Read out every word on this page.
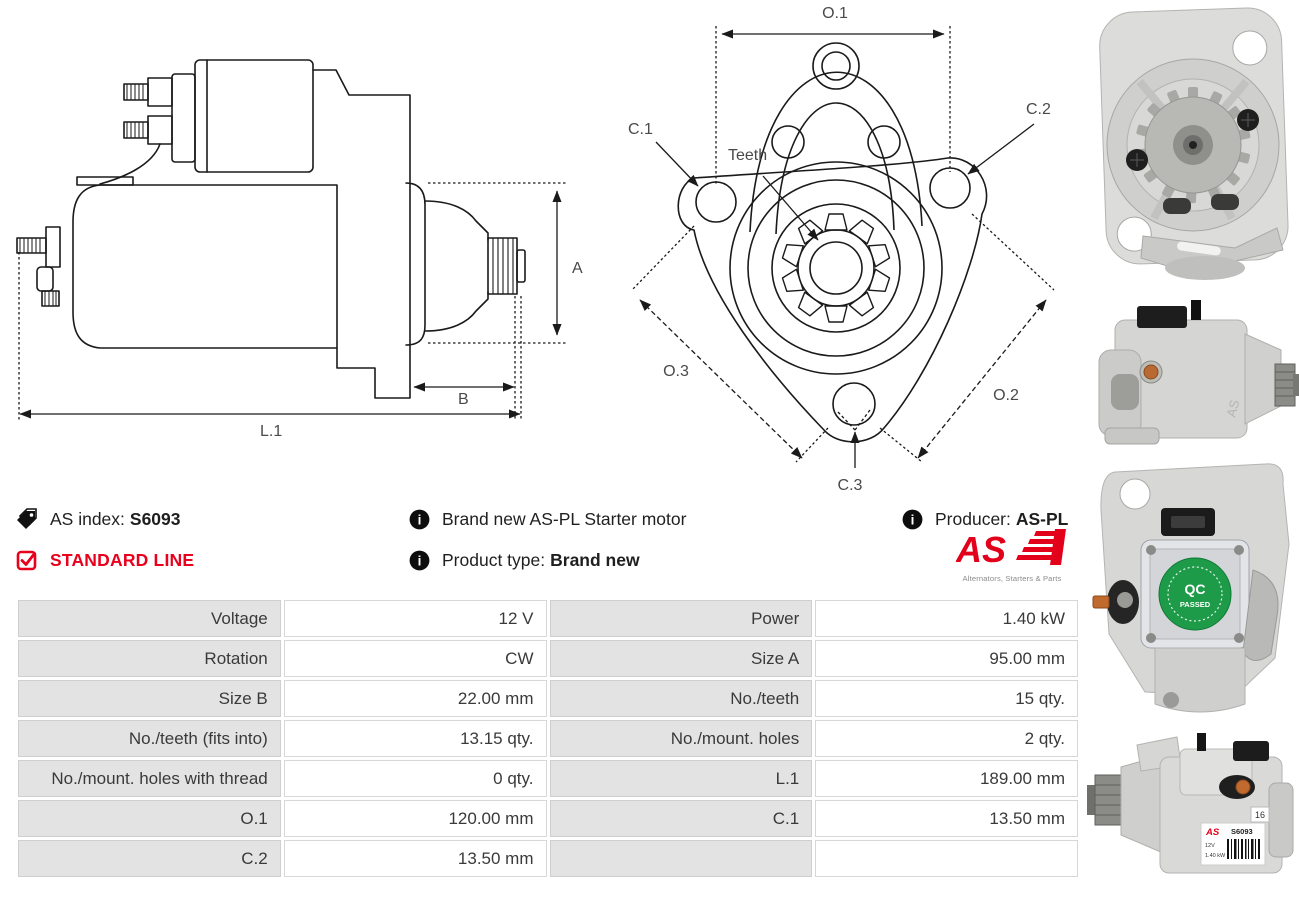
A
B
L.1
O.1
C.1
C.2
Teeth
O.3
O.2
C.3
AS
QC
PASSED
16
AS S6093
12V
1.40 kW
AS index: S6093
STANDARD LINE
i Brand new AS-PL Starter motor
i Product type: Brand new
i Producer: AS-PL
AS
Alternators, Starters & Parts
Voltage	12 V	Power	1.40 kW
Rotation	CW	Size A	95.00 mm
Size B	22.00 mm	No./teeth	15 qty.
No./teeth (fits into)	13.15 qty.	No./mount. holes	2 qty.
No./mount. holes with thread	0 qty.	L.1	189.00 mm
O.1	120.00 mm	C.1	13.50 mm
C.2	13.50 mm		
